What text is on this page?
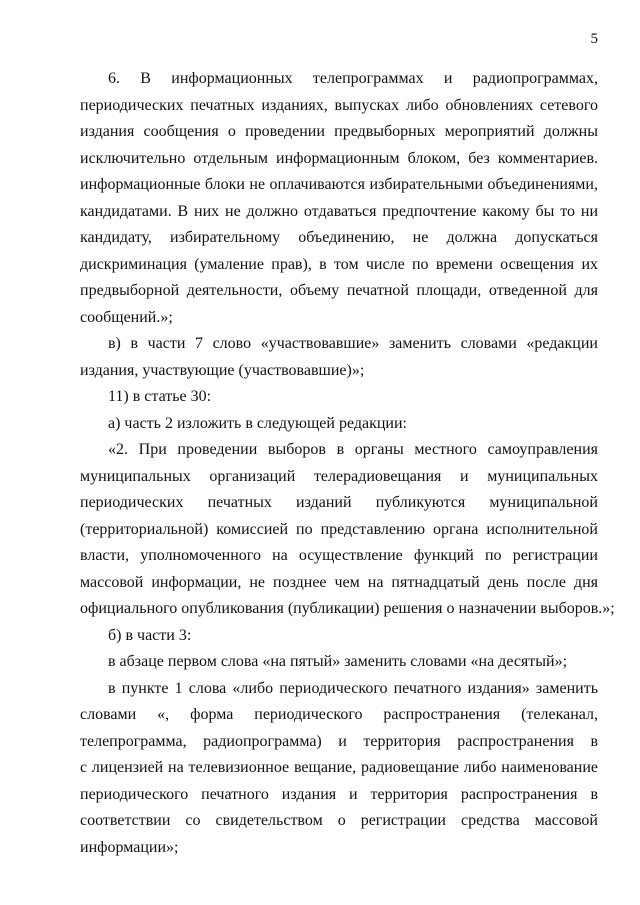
5

6. В информационных телепрограммах и радиопрограммах,
периодических печатных изданиях, выпусках либо обновлениях сетевого
издания сообщения о проведении предвыборных мероприятий должны
исключительно отдельным информационным блоком, без комментариев.
информационные блоки не оплачиваются избирательными объединениями,
кандидатами. В них не должно отдаваться предпочтение какому бы то ни
кандидату, избирательному объединению, не должна допускаться
дискриминация (умаление прав), в том числе по времени освещения их
предвыборной деятельности, объему печатной площади, отведенной для
сообщений.»;

в) в части 7 слово «участвовавшие» заменить словами «редакции
издания, участвующие (участвовавшие)»;

11) в статье 30:

а) часть 2 изложить в следующей редакции:

«2. При проведении выборов в органы местного самоуправления
муниципальных организаций телерадиовещания и муниципальных
периодических печатных изданий публикуются муниципальной
(территориальной) комиссией по представлению органа исполнительной
власти, уполномоченного на осуществление функций по регистрации
массовой информации, не позднее чем на пятнадцатый день после дня
официального опубликования (публикации) решения о назначении выборов.»;

б) в части 3:

в абзаце первом слова «на пятый» заменить словами «на десятый»;

в пункте 1 слова «либо периодического печатного издания» заменить
словами «, форма периодического распространения (телеканал,
телепрограмма, радиопрограмма) и территория распространения в
с лицензией на телевизионное вещание, радиовещание либо наименование
периодического печатного издания и территория распространения в
соответствии со свидетельством о регистрации средства массовой
информации»;
